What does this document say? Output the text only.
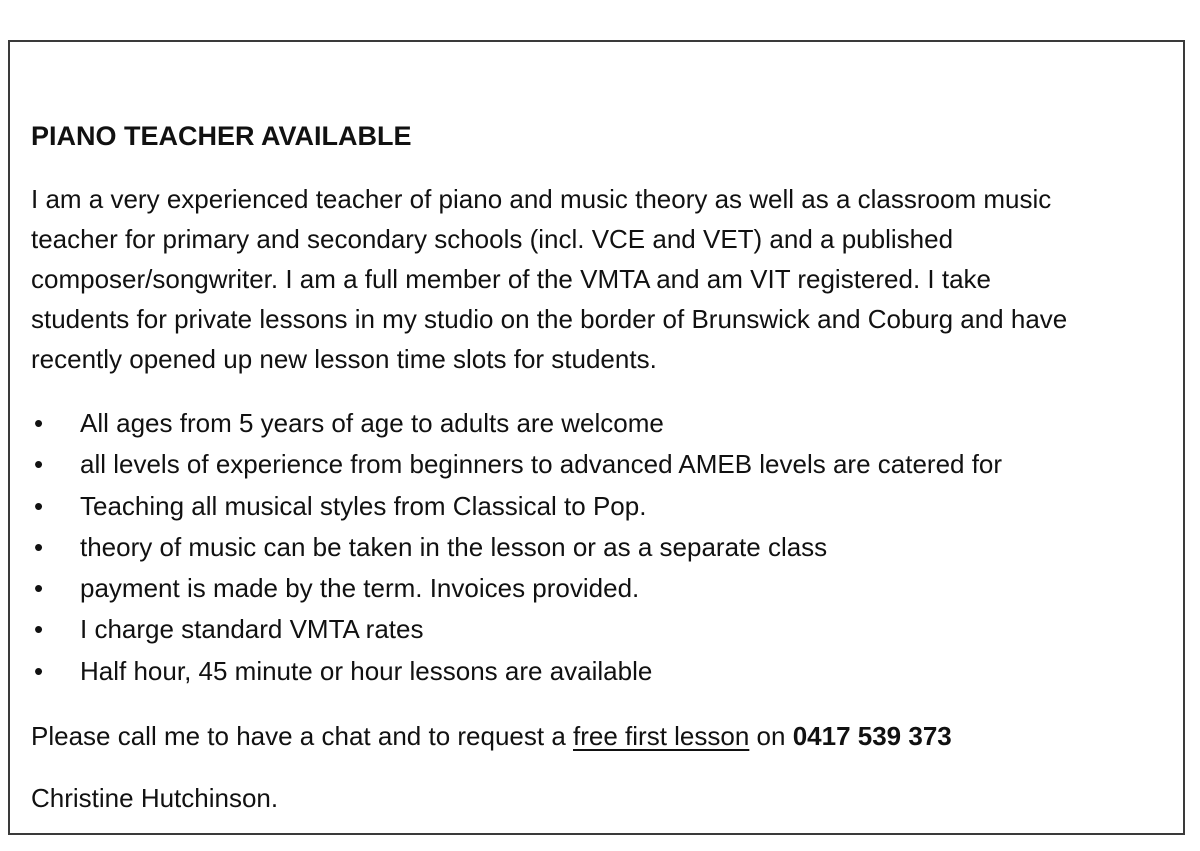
PIANO TEACHER AVAILABLE

I am a very experienced teacher of piano and music theory as well as a classroom music
teacher for primary and secondary schools (incl. VCE and VET) and a published
composer/songwriter. I am a full member of the VMTA and am VIT registered. I take
students for private lessons in my studio on the border of Brunswick and Coburg and have
recently opened up new lesson time slots for students.

• All ages from 5 years of age to adults are welcome
• all levels of experience from beginners to advanced AMEB levels are catered for
• Teaching all musical styles from Classical to Pop.
• theory of music can be taken in the lesson or as a separate class
• payment is made by the term. Invoices provided.
• I charge standard VMTA rates
• Half hour, 45 minute or hour lessons are available

Please call me to have a chat and to request a free first lesson on 0417 539 373

Christine Hutchinson.
